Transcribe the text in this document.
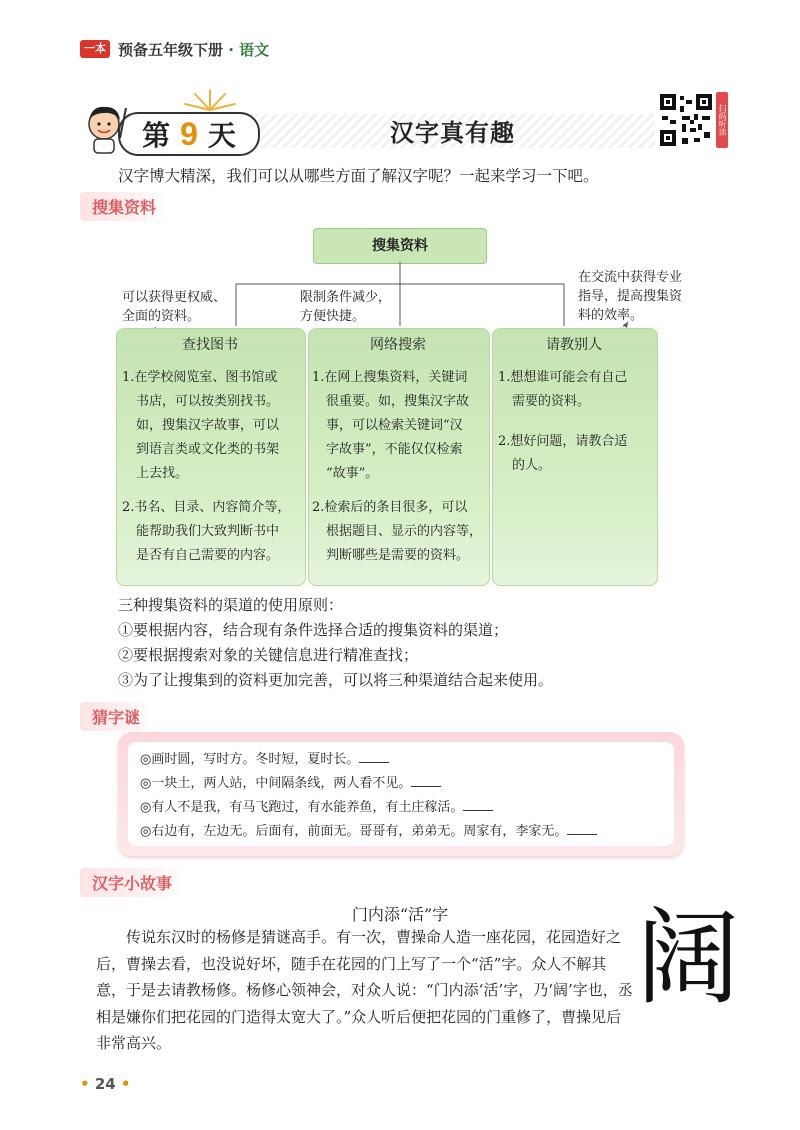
一本 预备五年级下册 · 语文
第 9 天	汉字真有趣	扫码听读
汉字博大精深，我们可以从哪些方面了解汉字呢？一起来学习一下吧。
搜集资料
搜集资料
可以获得更权威、
全面的资料。
限制条件减少，
方便快捷。
在交流中获得专业
指导，提高搜集资
料的效率。
查找图书
1.在学校阅览室、图书馆或
书店，可以按类别找书。
如，搜集汉字故事，可以
到语言类或文化类的书架
上去找。
2.书名、目录、内容简介等，
能帮助我们大致判断书中
是否有自己需要的内容。
网络搜索
1.在网上搜集资料，关键词
很重要。如，搜集汉字故
事，可以检索关键词“汉
字故事”，不能仅仅检索
“故事”。
2.检索后的条目很多，可以
根据题目、显示的内容等，
判断哪些是需要的资料。
请教别人
1.想想谁可能会有自己
需要的资料。
2.想好问题，请教合适
的人。
三种搜集资料的渠道的使用原则：
①要根据内容，结合现有条件选择合适的搜集资料的渠道；
②要根据搜索对象的关键信息进行精准查找；
③为了让搜集到的资料更加完善，可以将三种渠道结合起来使用。
猜字谜
◎画时圆，写时方。冬时短，夏时长。
◎一块土，两人站，中间隔条线，两人看不见。
◎有人不是我，有马飞跑过，有水能养鱼，有土庄稼活。
◎右边有，左边无。后面有，前面无。哥哥有，弟弟无。周家有，李家无。
汉字小故事
门内添“活”字
传说东汉时的杨修是猜谜高手。有一次，曹操命人造一座花园，花园造好之后，曹操去看，也没说好坏，随手在花园的门上写了一个“活”字。众人不解其意，于是去请教杨修。杨修心领神会，对众人说：“门内添‘活’字，乃‘阔’字也，丞相是嫌你们把花园的门造得太宽大了。”众人听后便把花园的门重修了，曹操见后非常高兴。
阔
• 24 •
